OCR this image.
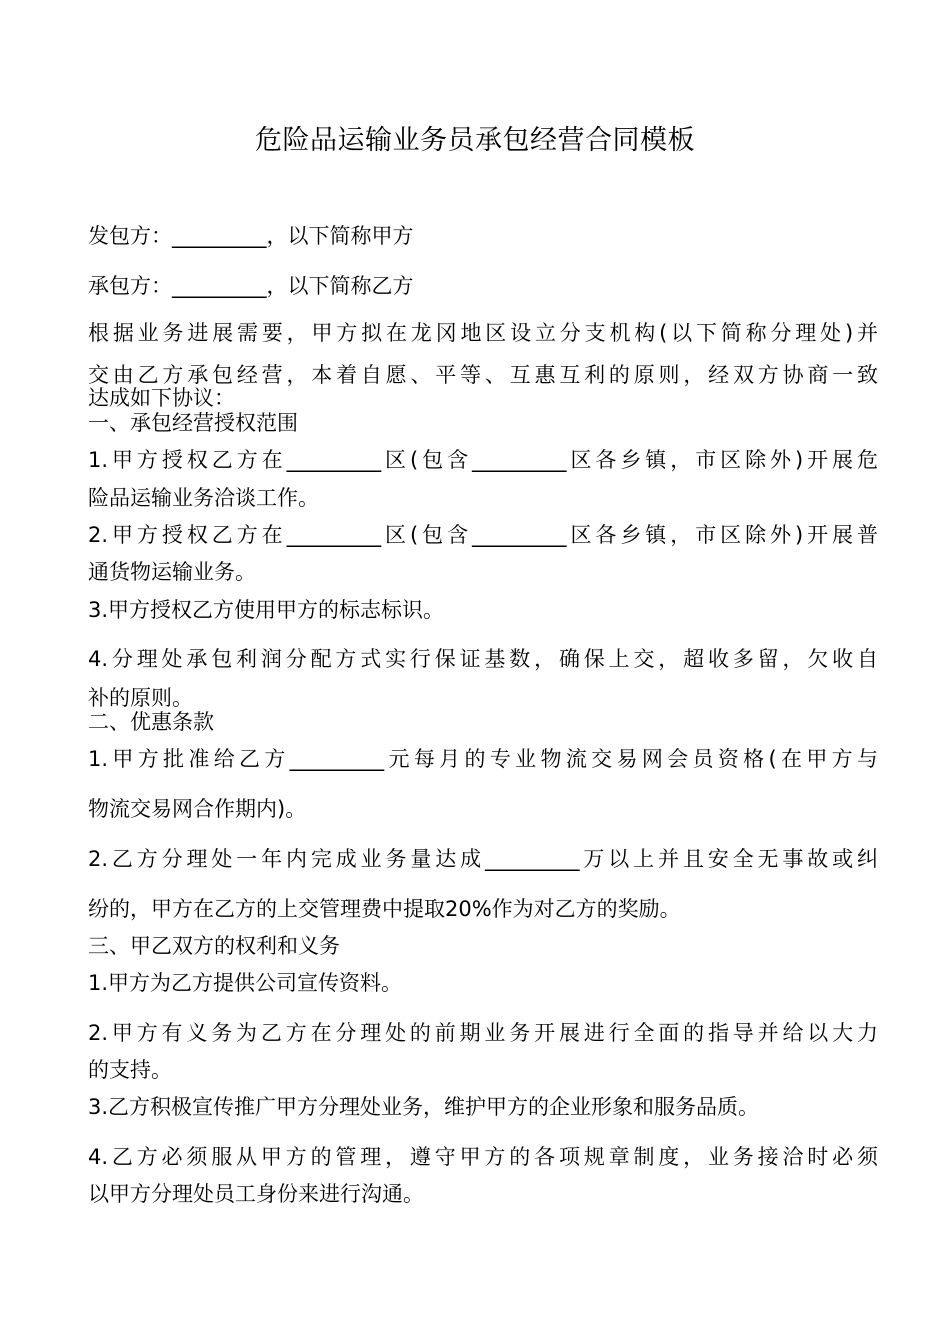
危险品运输业务员承包经营合同模板
发包方：_________，以下简称甲方
承包方：_________，以下简称乙方
根据业务进展需要，甲方拟在龙冈地区设立分支机构(以下简称分理处)并
交由乙方承包经营，本着自愿、平等、互惠互利的原则，经双方协商一致
达成如下协议：
一、承包经营授权范围
1.甲方授权乙方在_________区(包含_________区各乡镇，市区除外)开展危
险品运输业务洽谈工作。
2.甲方授权乙方在_________区(包含_________区各乡镇，市区除外)开展普
通货物运输业务。
3.甲方授权乙方使用甲方的标志标识。
4.分理处承包利润分配方式实行保证基数，确保上交，超收多留，欠收自
补的原则。
二、优惠条款
1.甲方批准给乙方_________元每月的专业物流交易网会员资格(在甲方与
物流交易网合作期内)。
2.乙方分理处一年内完成业务量达成_________万以上并且安全无事故或纠
纷的，甲方在乙方的上交管理费中提取20%作为对乙方的奖励。
三、甲乙双方的权利和义务
1.甲方为乙方提供公司宣传资料。
2.甲方有义务为乙方在分理处的前期业务开展进行全面的指导并给以大力
的支持。
3.乙方积极宣传推广甲方分理处业务，维护甲方的企业形象和服务品质。
4.乙方必须服从甲方的管理，遵守甲方的各项规章制度，业务接洽时必须
以甲方分理处员工身份来进行沟通。
